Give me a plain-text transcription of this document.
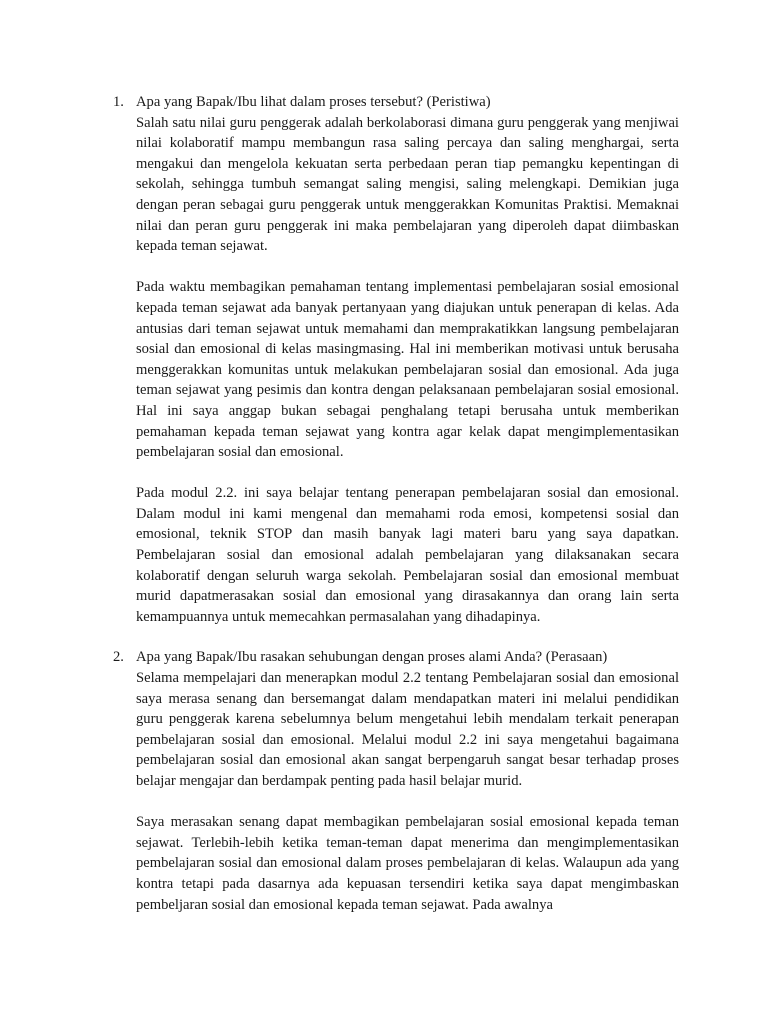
1. Apa yang Bapak/Ibu lihat dalam proses tersebut? (Peristiwa)

Salah satu nilai guru penggerak adalah berkolaborasi dimana guru penggerak yang menjiwai nilai kolaboratif mampu membangun rasa saling percaya dan saling menghargai, serta mengakui dan mengelola kekuatan serta perbedaan peran tiap pemangku kepentingan di sekolah, sehingga tumbuh semangat saling mengisi, saling melengkapi. Demikian juga dengan peran sebagai guru penggerak untuk menggerakkan Komunitas Praktisi. Memaknai nilai dan peran guru penggerak ini maka pembelajaran yang diperoleh dapat diimbaskan kepada teman sejawat.

Pada waktu membagikan pemahaman tentang implementasi pembelajaran sosial emosional kepada teman sejawat ada banyak pertanyaan yang diajukan untuk penerapan di kelas. Ada antusias dari teman sejawat untuk memahami dan memprakatikkan langsung pembelajaran sosial dan emosional di kelas masingmasing. Hal ini memberikan motivasi untuk berusaha menggerakkan komunitas untuk melakukan pembelajaran sosial dan emosional. Ada juga teman sejawat yang pesimis dan kontra dengan pelaksanaan pembelajaran sosial emosional. Hal ini saya anggap bukan sebagai penghalang tetapi berusaha untuk memberikan pemahaman kepada teman sejawat yang kontra agar kelak dapat mengimplementasikan pembelajaran sosial dan emosional.

Pada modul 2.2. ini saya belajar tentang penerapan pembelajaran sosial dan emosional. Dalam modul ini kami mengenal dan memahami roda emosi, kompetensi sosial dan emosional, teknik STOP dan masih banyak lagi materi baru yang saya dapatkan. Pembelajaran sosial dan emosional adalah pembelajaran yang dilaksanakan secara kolaboratif dengan seluruh warga sekolah. Pembelajaran sosial dan emosional membuat murid dapatmerasakan sosial dan emosional yang dirasakannya dan orang lain serta kemampuannya untuk memecahkan permasalahan yang dihadapinya.

2. Apa yang Bapak/Ibu rasakan sehubungan dengan proses alami Anda? (Perasaan)

Selama mempelajari dan menerapkan modul 2.2 tentang Pembelajaran sosial dan emosional saya merasa senang dan bersemangat dalam mendapatkan materi ini melalui pendidikan guru penggerak karena sebelumnya belum mengetahui lebih mendalam terkait penerapan pembelajaran sosial dan emosional. Melalui modul 2.2 ini saya mengetahui bagaimana pembelajaran sosial dan emosional akan sangat berpengaruh sangat besar terhadap proses belajar mengajar dan berdampak penting pada hasil belajar murid.

Saya merasakan senang dapat membagikan pembelajaran sosial emosional kepada teman sejawat. Terlebih-lebih ketika teman-teman dapat menerima dan mengimplementasikan pembelajaran sosial dan emosional dalam proses pembelajaran di kelas. Walaupun ada yang kontra tetapi pada dasarnya ada kepuasan tersendiri ketika saya dapat mengimbaskan pembeljaran sosial dan emosional kepada teman sejawat. Pada awalnya
